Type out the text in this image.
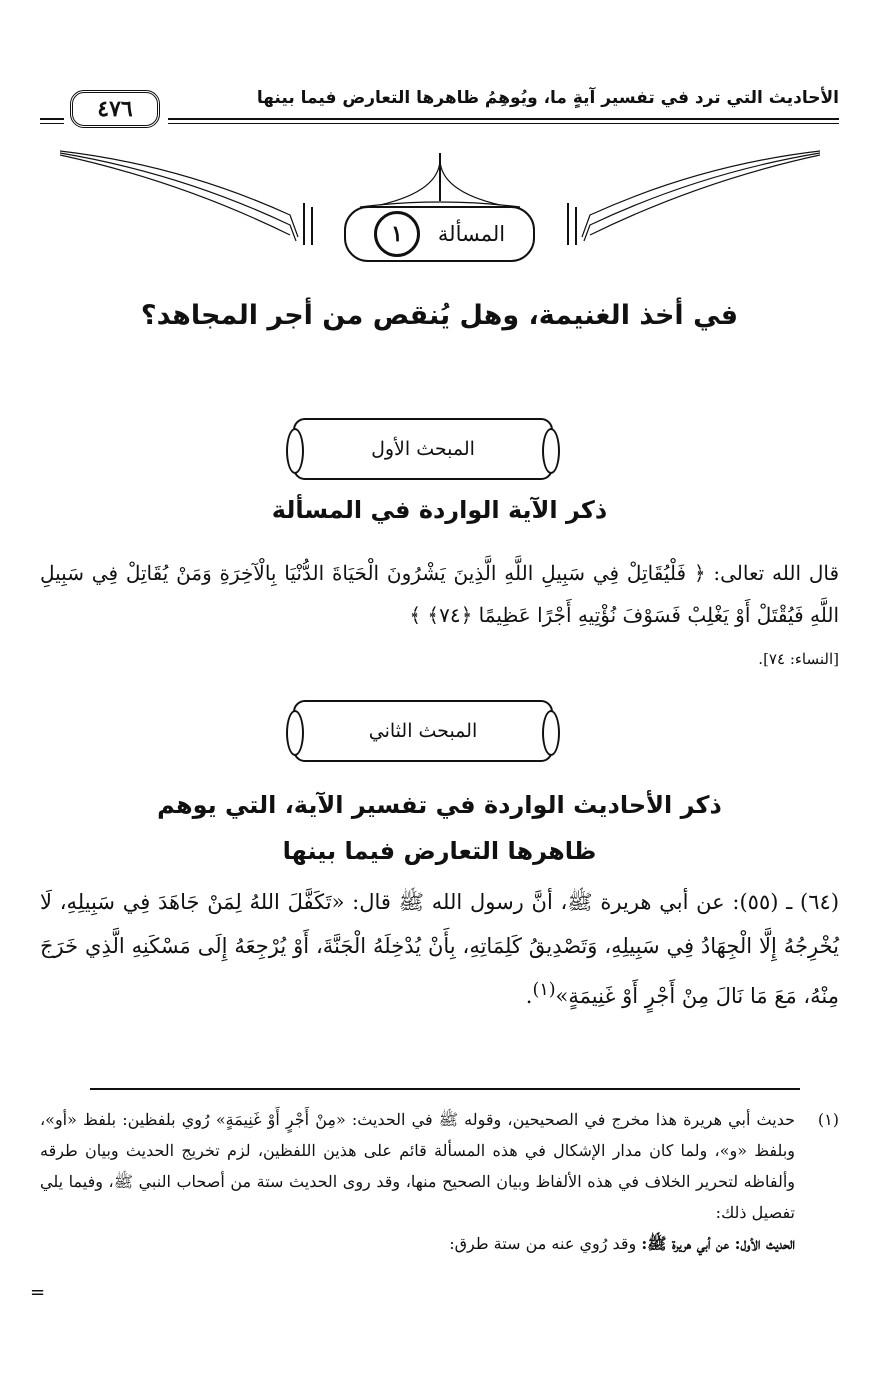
٤٧٦	الأحاديث التي ترد في تفسير آيةٍ ما، ويُوهِمُ ظاهرها التعارض فيما بينها
المسألة
١
في أخذ الغنيمة، وهل يُنقص من أجر المجاهد؟
المبحث الأول
ذكر الآية الواردة في المسألة
قال الله تعالى: ﴿ فَلْيُقَاتِلْ فِي سَبِيلِ اللَّهِ الَّذِينَ يَشْرُونَ الْحَيَاةَ الدُّنْيَا بِالْآخِرَةِ وَمَنْ يُقَاتِلْ فِي سَبِيلِ اللَّهِ فَيُقْتَلْ أَوْ يَغْلِبْ فَسَوْفَ نُؤْتِيهِ أَجْرًا عَظِيمًا ﴿٧٤﴾ ﴾
[النساء: ٧٤].
المبحث الثاني
ذكر الأحاديث الواردة في تفسير الآية، التي يوهم
ظاهرها التعارض فيما بينها
(٦٤) ـ (٥٥): عن أبي هريرة ﷺ، أنَّ رسول الله ﷺ قال: «تَكَفَّلَ اللهُ لِمَنْ جَاهَدَ فِي سَبِيلِهِ، لَا يُخْرِجُهُ إِلَّا الْجِهَادُ فِي سَبِيلِهِ، وَتَصْدِيقُ كَلِمَاتِهِ، بِأَنْ يُدْخِلَهُ الْجَنَّةَ، أَوْ يُرْجِعَهُ إِلَى مَسْكَنِهِ الَّذِي خَرَجَ مِنْهُ، مَعَ مَا نَالَ مِنْ أَجْرٍ أَوْ غَنِيمَةٍ»$^{(١)}$.
(١)
حديث أبي هريرة هذا مخرج في الصحيحين، وقوله ﷺ في الحديث: «مِنْ أَجْرٍ أَوْ غَنِيمَةٍ» رُوي بلفظين: بلفظ «أو»، وبلفظ «و»، ولما كان مدار الإشكال في هذه المسألة قائم على هذين اللفظين، لزم تخريج الحديث وبيان طرقه وألفاظه لتحرير الخلاف في هذه الألفاظ وبيان الصحيح منها، وقد روى الحديث ستة من أصحاب النبي ﷺ، وفيما يلي تفصيل ذلك:
الحديث الأول: عن أبي هريرة ﷺ: وقد رُوي عنه من ستة طرق:
=
